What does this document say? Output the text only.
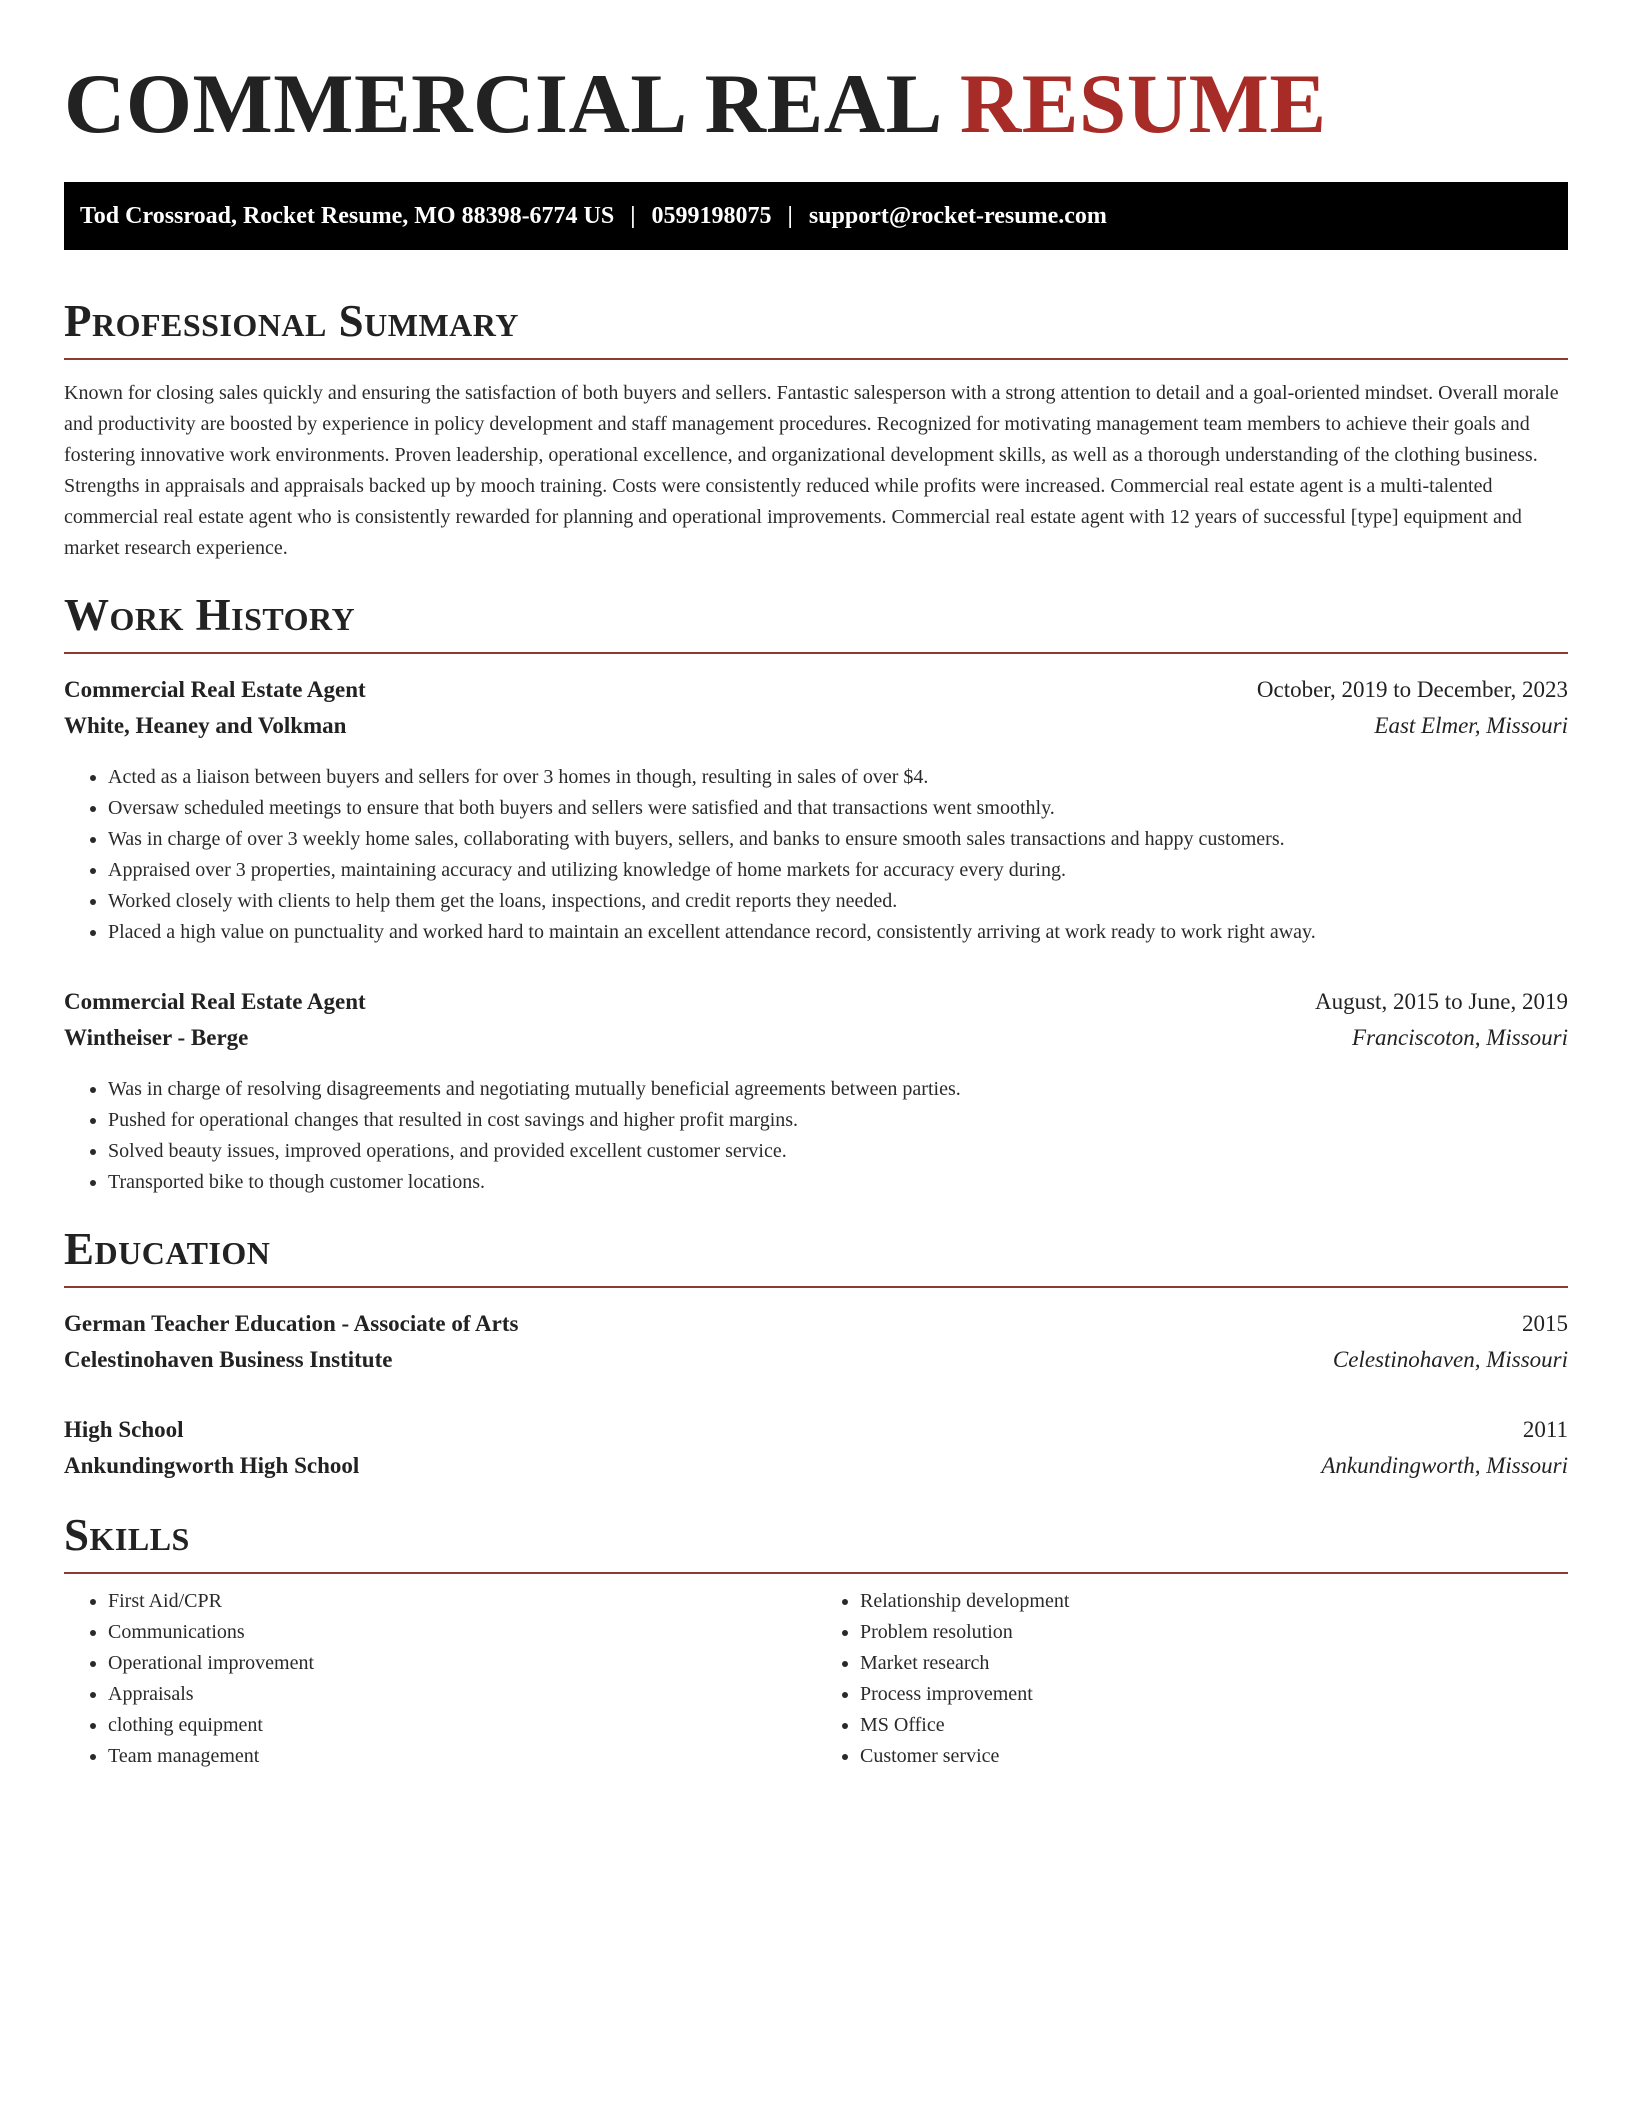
COMMERCIAL REAL RESUME
Tod Crossroad, Rocket Resume, MO 88398-6774 US | 0599198075 | support@rocket-resume.com
Professional Summary

Known for closing sales quickly and ensuring the satisfaction of both buyers and sellers. Fantastic salesperson with a strong attention to detail and a goal-oriented mindset. Overall morale and productivity are boosted by experience in policy development and staff management procedures. Recognized for motivating management team members to achieve their goals and fostering innovative work environments. Proven leadership, operational excellence, and organizational development skills, as well as a thorough understanding of the clothing business. Strengths in appraisals and appraisals backed up by mooch training. Costs were consistently reduced while profits were increased. Commercial real estate agent is a multi-talented commercial real estate agent who is consistently rewarded for planning and operational improvements. Commercial real estate agent with 12 years of successful [type] equipment and market research experience.

Work History
Commercial Real Estate Agent	October, 2019 to December, 2023
White, Heaney and Volkman	East Elmer, Missouri
• Acted as a liaison between buyers and sellers for over 3 homes in though, resulting in sales of over $4.
• Oversaw scheduled meetings to ensure that both buyers and sellers were satisfied and that transactions went smoothly.
• Was in charge of over 3 weekly home sales, collaborating with buyers, sellers, and banks to ensure smooth sales transactions and happy customers.
• Appraised over 3 properties, maintaining accuracy and utilizing knowledge of home markets for accuracy every during.
• Worked closely with clients to help them get the loans, inspections, and credit reports they needed.
• Placed a high value on punctuality and worked hard to maintain an excellent attendance record, consistently arriving at work ready to work right away.
Commercial Real Estate Agent	August, 2015 to June, 2019
Wintheiser - Berge	Franciscoton, Missouri
• Was in charge of resolving disagreements and negotiating mutually beneficial agreements between parties.
• Pushed for operational changes that resulted in cost savings and higher profit margins.
• Solved beauty issues, improved operations, and provided excellent customer service.
• Transported bike to though customer locations.
Education
German Teacher Education - Associate of Arts	2015
Celestinohaven Business Institute	Celestinohaven, Missouri
High School	2011
Ankundingworth High School	Ankundingworth, Missouri
Skills
• First Aid/CPR
• Communications
• Operational improvement
• Appraisals
• clothing equipment
• Team management
• Relationship development
• Problem resolution
• Market research
• Process improvement
• MS Office
• Customer service
